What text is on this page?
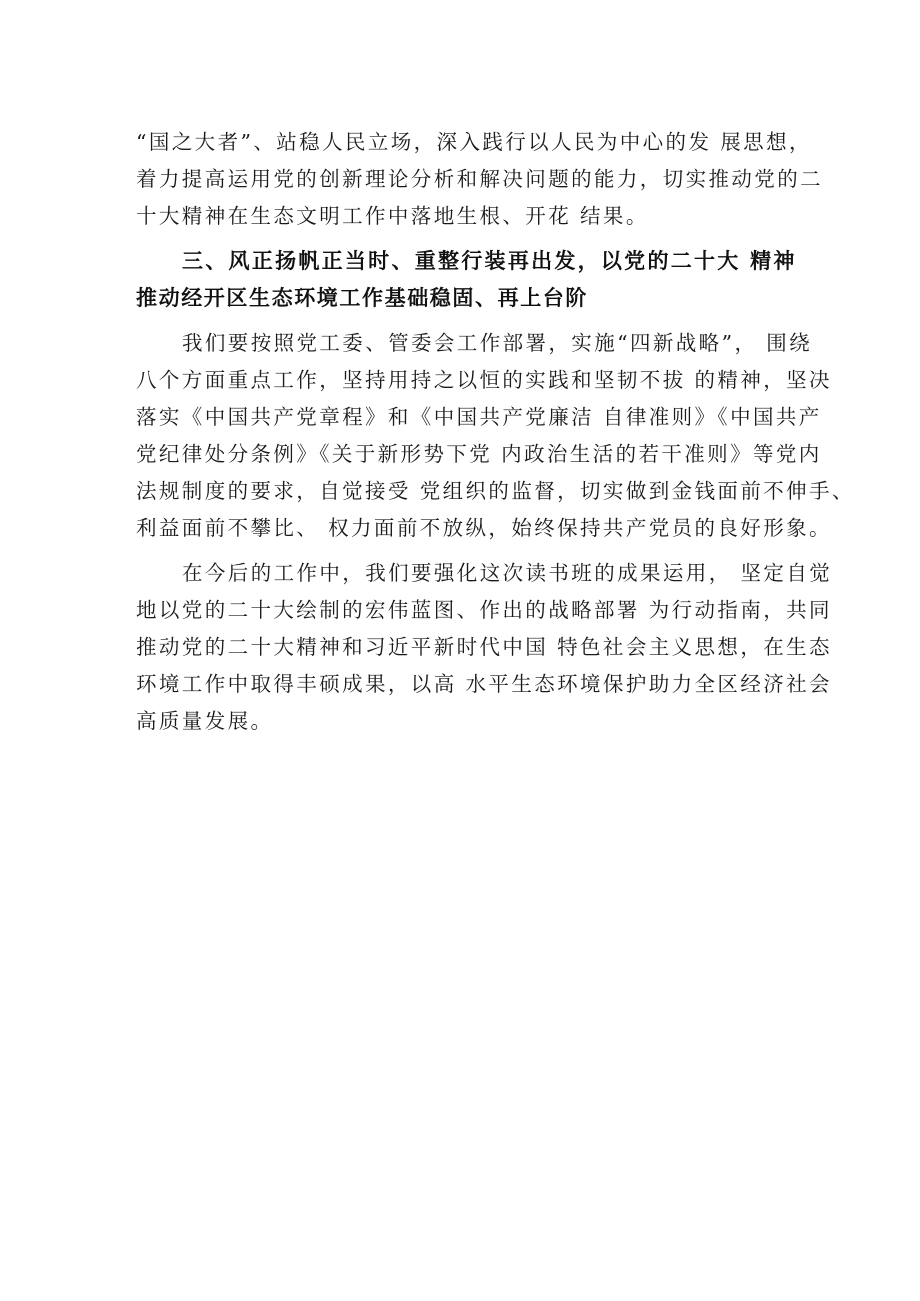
“国之大者”、站稳人民立场，深入践行以人民为中心的发 展思想，
着力提高运用党的创新理论分析和解决问题的能力，切实推动党的二
十大精神在生态文明工作中落地生根、开花 结果。
三、风正扬帆正当时、重整行装再出发，以党的二十大 精神
推动经开区生态环境工作基础稳固、再上台阶
我们要按照党工委、管委会工作部署，实施“四新战略”， 围绕
八个方面重点工作，坚持用持之以恒的实践和坚韧不拔 的精神，坚决
落实《中国共产党章程》和《中国共产党廉洁 自律准则》《中国共产
党纪律处分条例》《关于新形势下党 内政治生活的若干准则》等党内
法规制度的要求，自觉接受 党组织的监督，切实做到金钱面前不伸手、
利益面前不攀比、 权力面前不放纵，始终保持共产党员的良好形象。
在今后的工作中，我们要强化这次读书班的成果运用， 坚定自觉
地以党的二十大绘制的宏伟蓝图、作出的战略部署 为行动指南，共同
推动党的二十大精神和习近平新时代中国 特色社会主义思想，在生态
环境工作中取得丰硕成果，以高 水平生态环境保护助力全区经济社会
高质量发展。
